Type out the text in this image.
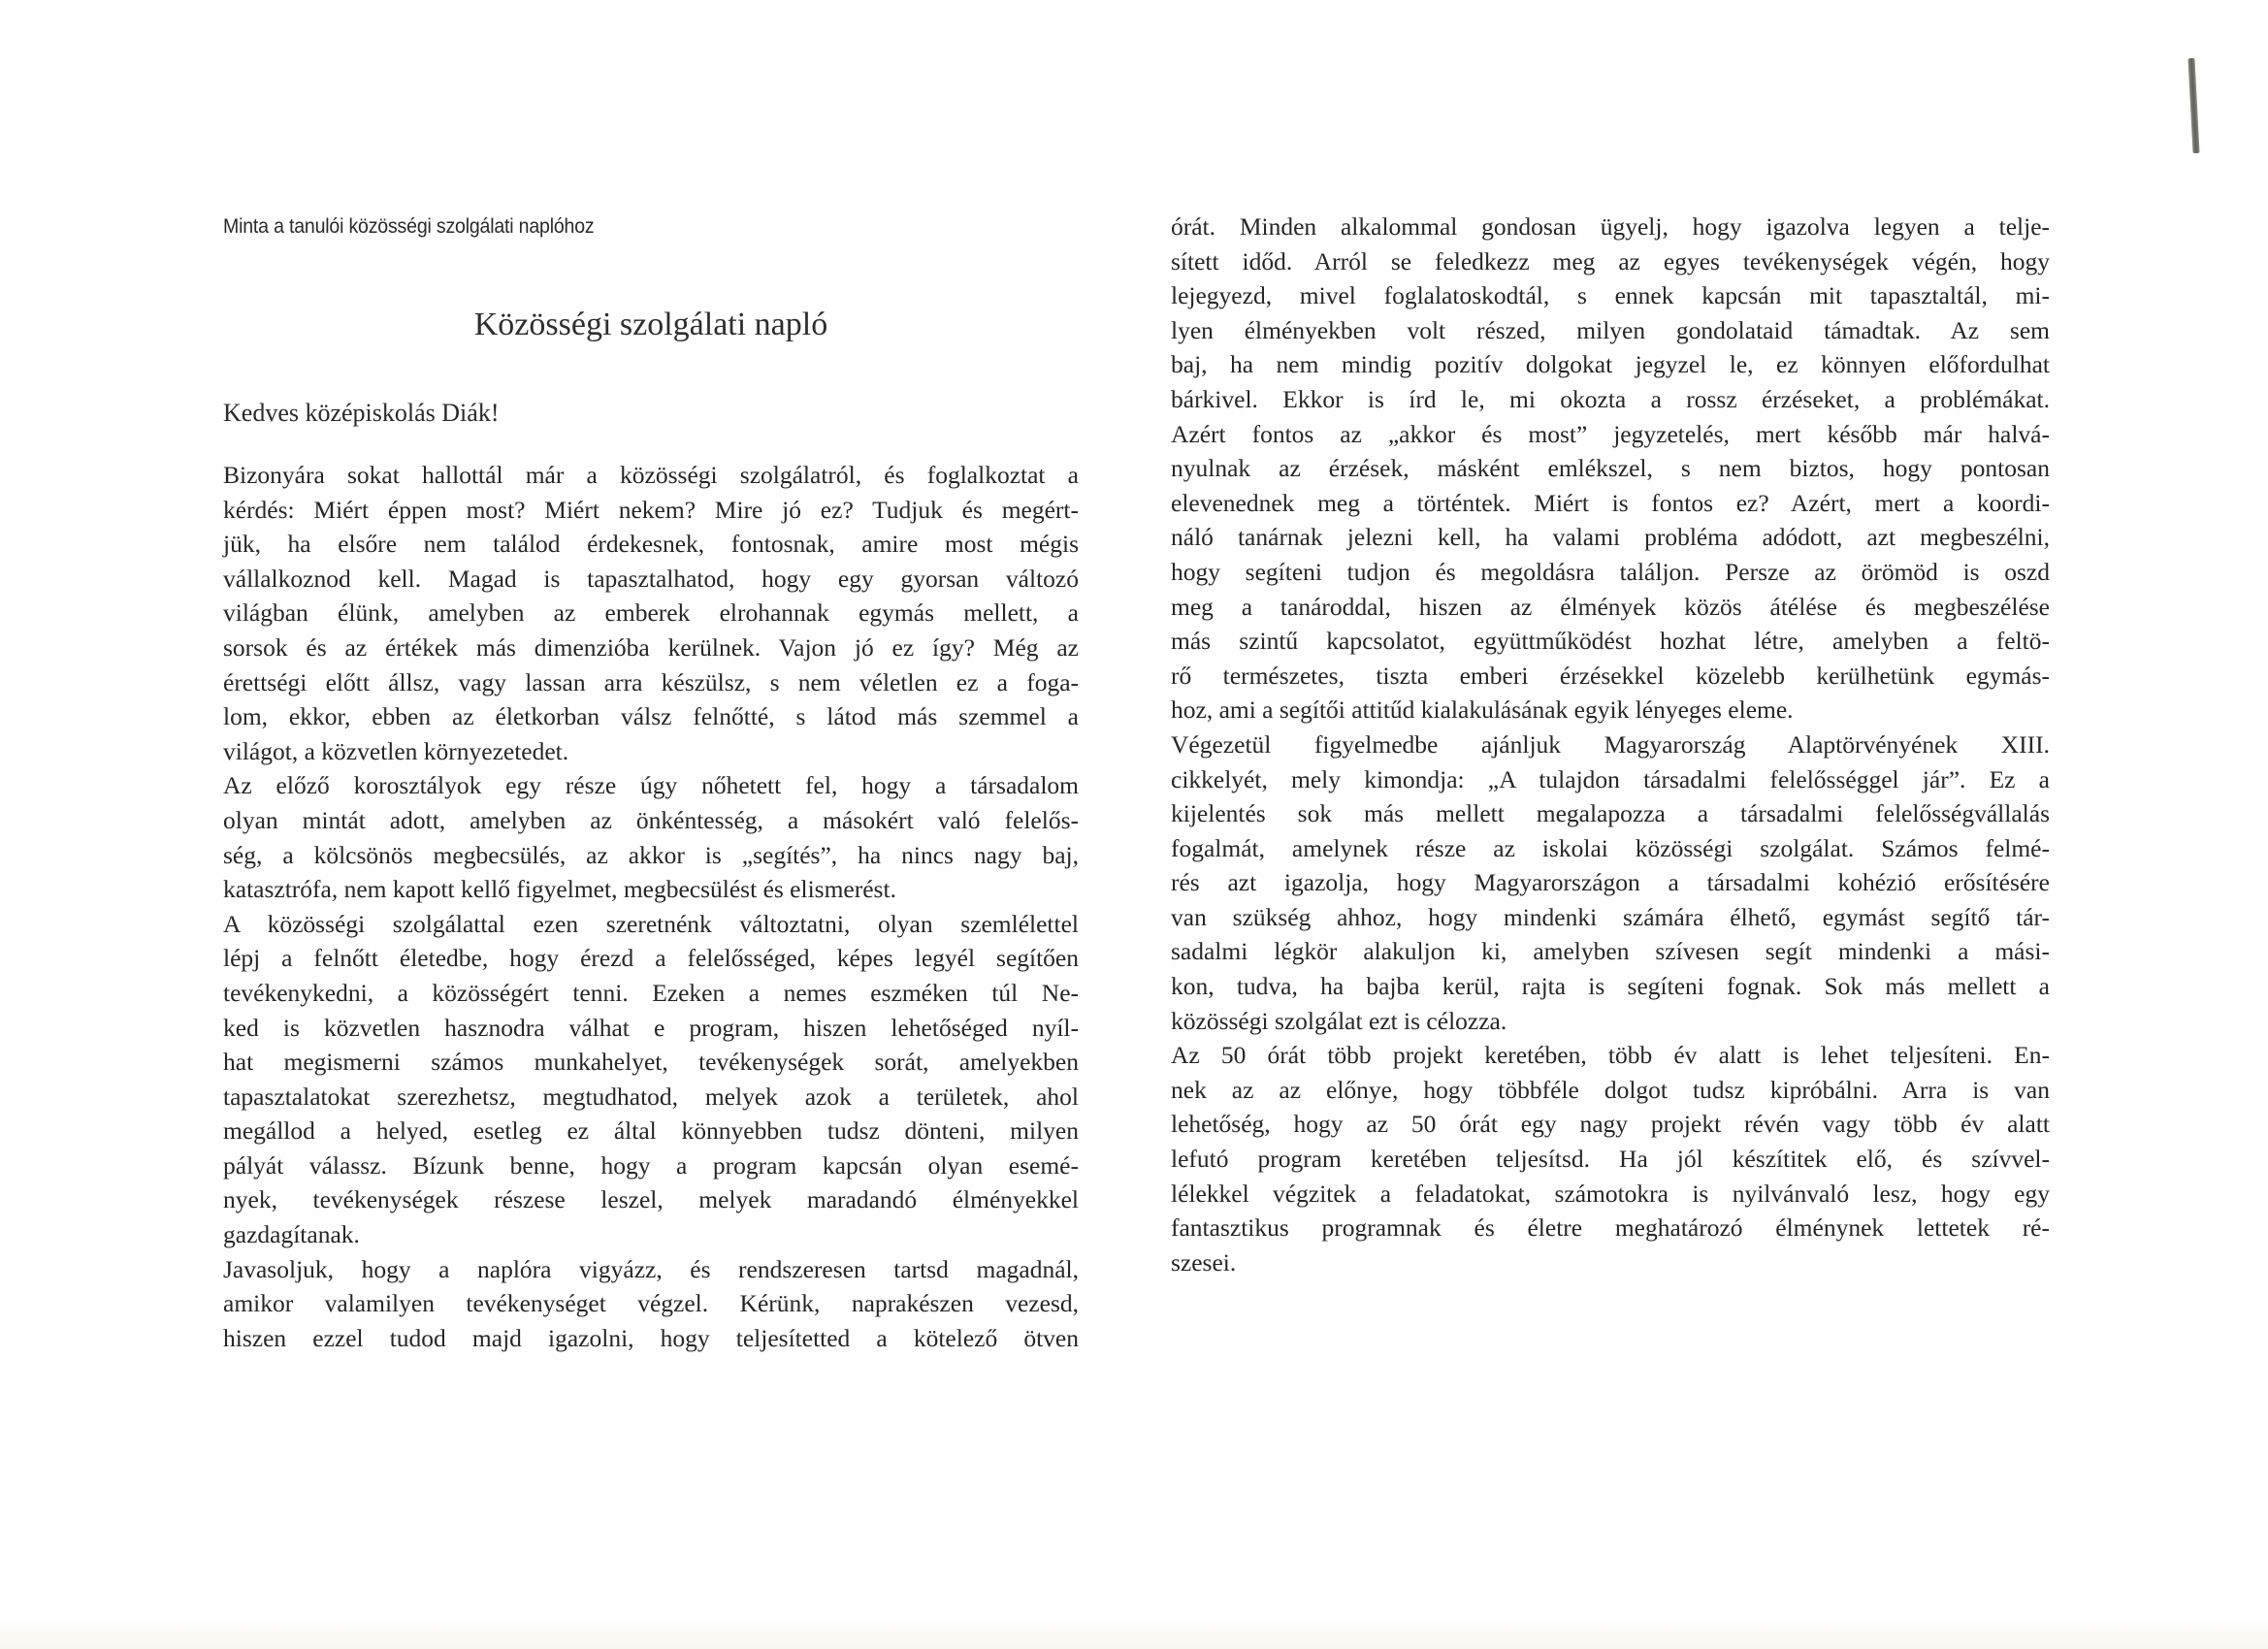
Minta a tanulói közösségi szolgálati naplóhoz
Közösségi szolgálati napló
Kedves középiskolás Diák!
Bizonyára sokat hallottál már a közösségi szolgálatról, és foglalkoztat a
kérdés: Miért éppen most? Miért nekem? Mire jó ez? Tudjuk és megért-
jük, ha elsőre nem találod érdekesnek, fontosnak, amire most mégis
vállalkoznod kell. Magad is tapasztalhatod, hogy egy gyorsan változó
világban élünk, amelyben az emberek elrohannak egymás mellett, a
sorsok és az értékek más dimenzióba kerülnek. Vajon jó ez így? Még az
érettségi előtt állsz, vagy lassan arra készülsz, s nem véletlen ez a foga-
lom, ekkor, ebben az életkorban válsz felnőtté, s látod más szemmel a
világot, a közvetlen környezetedet.
Az előző korosztályok egy része úgy nőhetett fel, hogy a társadalom
olyan mintát adott, amelyben az önkéntesség, a másokért való felelős-
ség, a kölcsönös megbecsülés, az akkor is „segítés”, ha nincs nagy baj,
katasztrófa, nem kapott kellő figyelmet, megbecsülést és elismerést.
A közösségi szolgálattal ezen szeretnénk változtatni, olyan szemlélettel
lépj a felnőtt életedbe, hogy érezd a felelősséged, képes legyél segítően
tevékenykedni, a közösségért tenni. Ezeken a nemes eszméken túl Ne-
ked is közvetlen hasznodra válhat e program, hiszen lehetőséged nyíl-
hat megismerni számos munkahelyet, tevékenységek sorát, amelyekben
tapasztalatokat szerezhetsz, megtudhatod, melyek azok a területek, ahol
megállod a helyed, esetleg ez által könnyebben tudsz dönteni, milyen
pályát válassz. Bízunk benne, hogy a program kapcsán olyan esemé-
nyek, tevékenységek részese leszel, melyek maradandó élményekkel
gazdagítanak.
Javasoljuk, hogy a naplóra vigyázz, és rendszeresen tartsd magadnál,
amikor valamilyen tevékenységet végzel. Kérünk, naprakészen vezesd,
hiszen ezzel tudod majd igazolni, hogy teljesítetted a kötelező ötven
órát. Minden alkalommal gondosan ügyelj, hogy igazolva legyen a telje-
sített időd. Arról se feledkezz meg az egyes tevékenységek végén, hogy
lejegyezd, mivel foglalatoskodtál, s ennek kapcsán mit tapasztaltál, mi-
lyen élményekben volt részed, milyen gondolataid támadtak. Az sem
baj, ha nem mindig pozitív dolgokat jegyzel le, ez könnyen előfordulhat
bárkivel. Ekkor is írd le, mi okozta a rossz érzéseket, a problémákat.
Azért fontos az „akkor és most” jegyzetelés, mert később már halvá-
nyulnak az érzések, másként emlékszel, s nem biztos, hogy pontosan
elevenednek meg a történtek. Miért is fontos ez? Azért, mert a koordi-
náló tanárnak jelezni kell, ha valami probléma adódott, azt megbeszélni,
hogy segíteni tudjon és megoldásra találjon. Persze az örömöd is oszd
meg a tanároddal, hiszen az élmények közös átélése és megbeszélése
más szintű kapcsolatot, együttműködést hozhat létre, amelyben a feltö-
rő természetes, tiszta emberi érzésekkel közelebb kerülhetünk egymás-
hoz, ami a segítői attitűd kialakulásának egyik lényeges eleme.
Végezetül figyelmedbe ajánljuk Magyarország Alaptörvényének XIII.
cikkelyét, mely kimondja: „A tulajdon társadalmi felelősséggel jár”. Ez a
kijelentés sok más mellett megalapozza a társadalmi felelősségvállalás
fogalmát, amelynek része az iskolai közösségi szolgálat. Számos felmé-
rés azt igazolja, hogy Magyarországon a társadalmi kohézió erősítésére
van szükség ahhoz, hogy mindenki számára élhető, egymást segítő tár-
sadalmi légkör alakuljon ki, amelyben szívesen segít mindenki a mási-
kon, tudva, ha bajba kerül, rajta is segíteni fognak. Sok más mellett a
közösségi szolgálat ezt is célozza.
Az 50 órát több projekt keretében, több év alatt is lehet teljesíteni. En-
nek az az előnye, hogy többféle dolgot tudsz kipróbálni. Arra is van
lehetőség, hogy az 50 órát egy nagy projekt révén vagy több év alatt
lefutó program keretében teljesítsd. Ha jól készítitek elő, és szívvel-
lélekkel végzitek a feladatokat, számotokra is nyilvánvaló lesz, hogy egy
fantasztikus programnak és életre meghatározó élménynek lettetek ré-
szesei.
